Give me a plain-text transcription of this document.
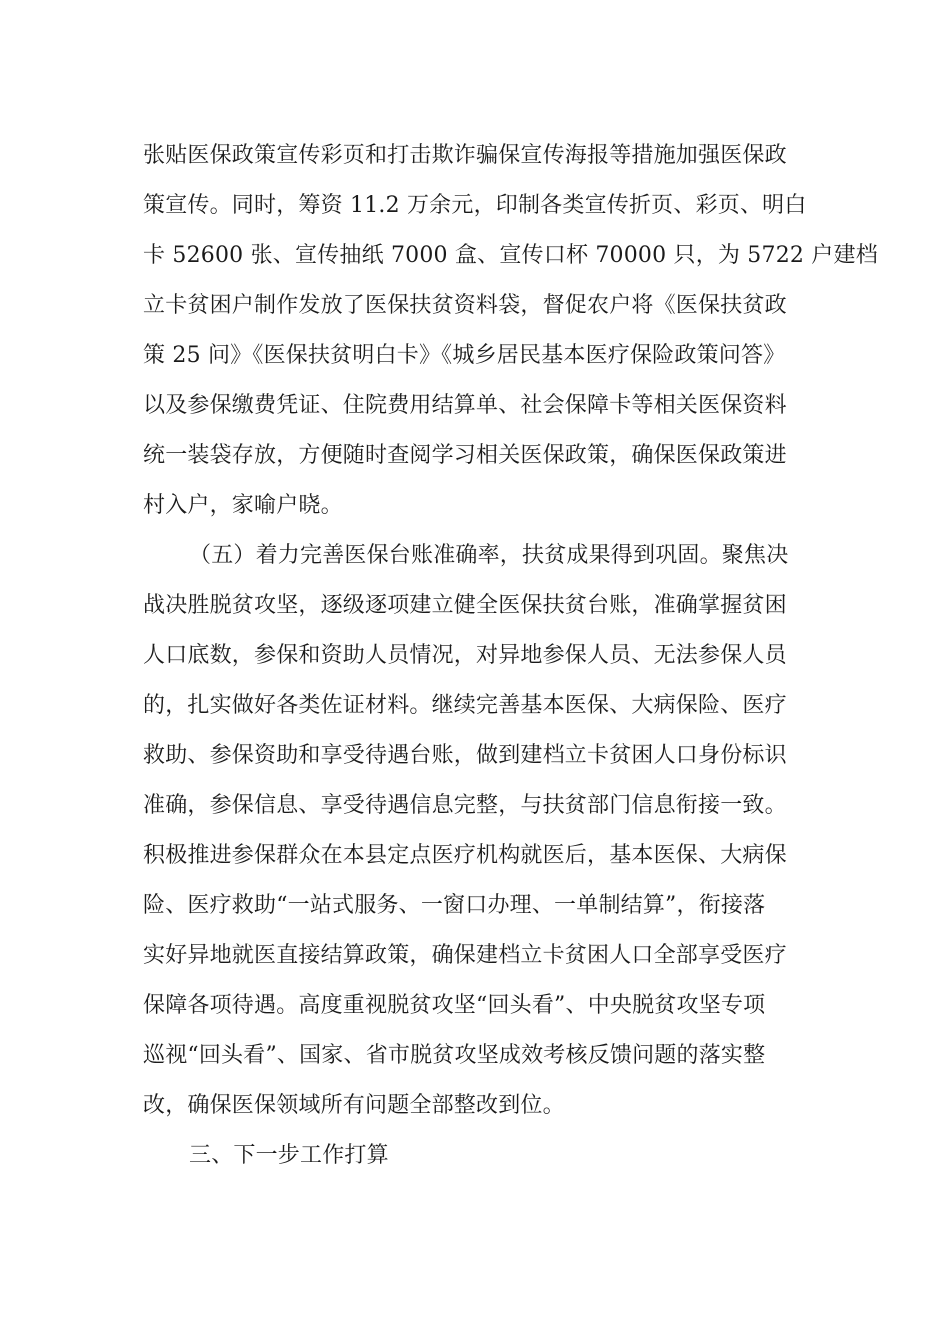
张贴医保政策宣传彩页和打击欺诈骗保宣传海报等措施加强医保政
策宣传。同时，筹资 11.2 万余元，印制各类宣传折页、彩页、明白
卡 52600 张、宣传抽纸 7000 盒、宣传口杯 70000 只，为 5722 户建档
立卡贫困户制作发放了医保扶贫资料袋，督促农户将《医保扶贫政
策 25 问》《医保扶贫明白卡》《城乡居民基本医疗保险政策问答》
以及参保缴费凭证、住院费用结算单、社会保障卡等相关医保资料
统一装袋存放，方便随时查阅学习相关医保政策，确保医保政策进
村入户，家喻户晓。
（五）着力完善医保台账准确率，扶贫成果得到巩固。聚焦决
战决胜脱贫攻坚，逐级逐项建立健全医保扶贫台账，准确掌握贫困
人口底数，参保和资助人员情况，对异地参保人员、无法参保人员
的，扎实做好各类佐证材料。继续完善基本医保、大病保险、医疗
救助、参保资助和享受待遇台账，做到建档立卡贫困人口身份标识
准确，参保信息、享受待遇信息完整，与扶贫部门信息衔接一致。
积极推进参保群众在本县定点医疗机构就医后，基本医保、大病保
险、医疗救助“一站式服务、一窗口办理、一单制结算”，衔接落
实好异地就医直接结算政策，确保建档立卡贫困人口全部享受医疗
保障各项待遇。高度重视脱贫攻坚“回头看”、中央脱贫攻坚专项
巡视“回头看”、国家、省市脱贫攻坚成效考核反馈问题的落实整
改，确保医保领域所有问题全部整改到位。
三、下一步工作打算
